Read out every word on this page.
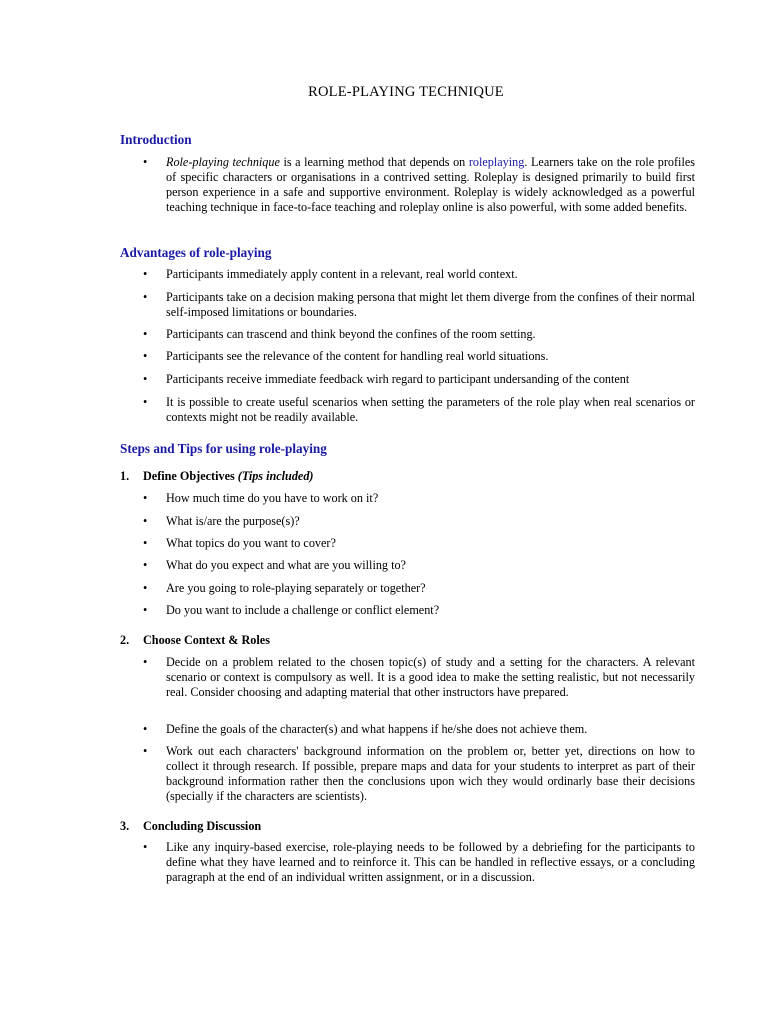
ROLE-PLAYING TECHNIQUE
Introduction
•	Role-playing technique is a learning method that depends on roleplaying. Learners take on the role profiles of specific characters or organisations in a contrived setting. Roleplay is designed primarily to build first person experience in a safe and supportive environment. Roleplay is widely acknowledged as a powerful teaching technique in face-to-face teaching and roleplay online is also powerful, with some added benefits.
Advantages of role-playing
•	Participants immediately apply content in a relevant, real world context.
•	Participants take on a decision making persona that might let them diverge from the confines of their normal self-imposed limitations or boundaries.
•	Participants can trascend and think beyond the confines of the room setting.
•	Participants see the relevance of the content for handling real world situations.
•	Participants receive immediate feedback wirh regard to participant undersanding of the content
•	It is possible to create useful scenarios when setting the parameters of the role play when real scenarios or contexts might not be readily available.
Steps and Tips for using role-playing
1. Define Objectives (Tips included)
•	How much time do you have to work on it?
•	What is/are the purpose(s)?
•	What topics do you want to cover?
•	What do you expect and what are you willing to?
•	Are you going to role-playing separately or together?
•	Do you want to include a challenge or conflict element?
2. Choose Context & Roles
•	Decide on a problem related to the chosen topic(s) of study and a setting for the characters. A relevant scenario or context is compulsory as well. It is a good idea to make the setting realistic, but not necessarily real. Consider choosing and adapting material that other instructors have prepared.
•	Define the goals of the character(s) and what happens if he/she does not achieve them.
•	Work out each characters' background information on the problem or, better yet, directions on how to collect it through research. If possible, prepare maps and data for your students to interpret as part of their background information rather then the conclusions upon wich they would ordinarly base their decisions (specially if the characters are scientists).
3. Concluding Discussion
•	Like any inquiry-based exercise, role-playing needs to be followed by a debriefing for the participants to define what they have learned and to reinforce it. This can be handled in reflective essays, or a concluding paragraph at the end of an individual written assignment, or in a discussion.
